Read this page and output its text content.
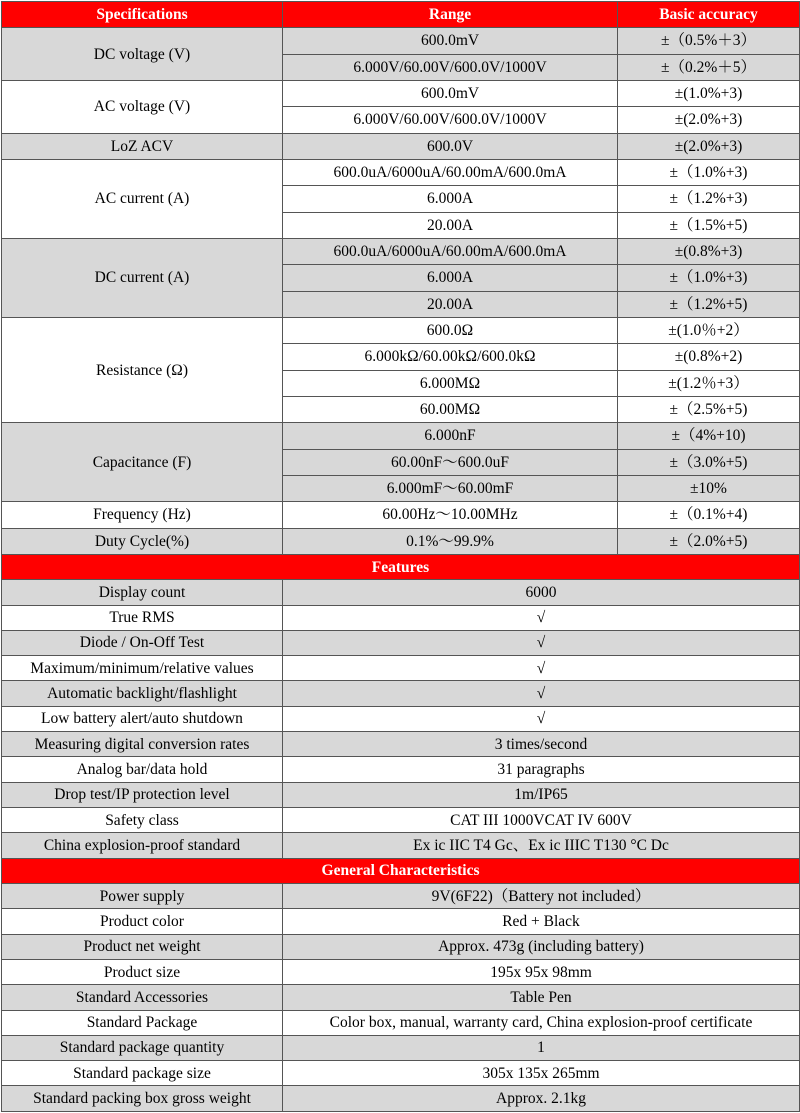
Specifications	Range	Basic accuracy
DC voltage (V)	600.0mV	±（0.5%＋3）
	6.000V/60.00V/600.0V/1000V	±（0.2%＋5）
AC voltage (V)	600.0mV	±(1.0%+3)
	6.000V/60.00V/600.0V/1000V	±(2.0%+3)
LoZ ACV	600.0V	±(2.0%+3)
AC current (A)	600.0uA/6000uA/60.00mA/600.0mA	±（1.0%+3)
	6.000A	±（1.2%+3)
	20.00A	±（1.5%+5)
DC current (A)	600.0uA/6000uA/60.00mA/600.0mA	±(0.8%+3)
	6.000A	±（1.0%+3)
	20.00A	±（1.2%+5)
Resistance (Ω)	600.0Ω	±(1.0％+2）
	6.000kΩ/60.00kΩ/600.0kΩ	±(0.8%+2)
	6.000MΩ	±(1.2％+3）
	60.00MΩ	±（2.5%+5)
Capacitance (F)	6.000nF	±（4%+10)
	60.00nF～600.0uF	±（3.0%+5)
	6.000mF～60.00mF	±10%
Frequency (Hz)	60.00Hz～10.00MHz	±（0.1%+4)
Duty Cycle(%)	0.1%～99.9%	±（2.0%+5)
Features		
Display count	6000	
True RMS	√	
Diode / On-Off Test	√	
Maximum/minimum/relative values	√	
Automatic backlight/flashlight	√	
Low battery alert/auto shutdown	√	
Measuring digital conversion rates	3 times/second	
Analog bar/data hold	31 paragraphs	
Drop test/IP protection level	1m/IP65	
Safety class	CAT III 1000VCAT IV 600V	
China explosion-proof standard	Ex ic IIC T4 Gc、Ex ic IIIC T130 °C Dc	
General Characteristics		
Power supply	9V(6F22)（Battery not included）	
Product color	Red + Black	
Product net weight	Approx. 473g (including battery)	
Product size	195x 95x 98mm	
Standard Accessories	Table Pen	
Standard Package	Color box, manual, warranty card, China explosion-proof certificate	
Standard package quantity	1	
Standard package size	305x 135x 265mm	
Standard packing box gross weight	Approx. 2.1kg	
